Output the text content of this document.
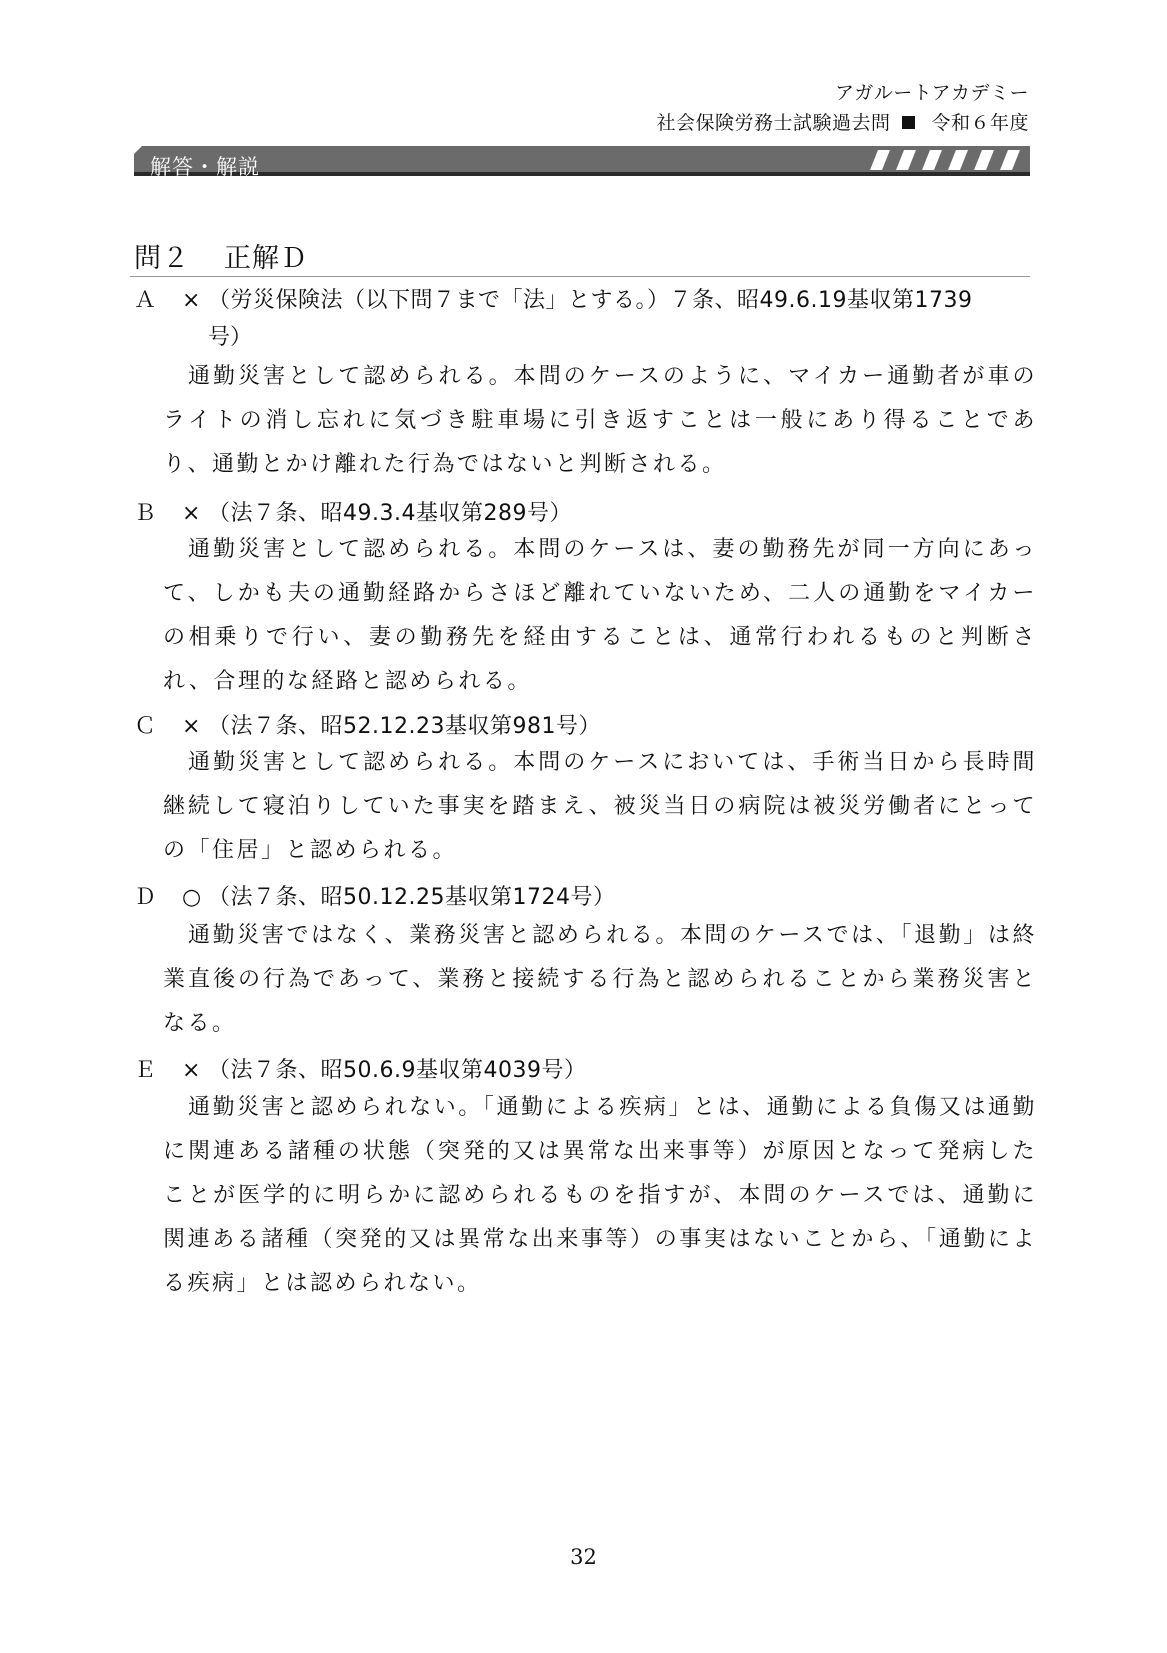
アガルートアカデミー
社会保険労務士試験過去問 令和６年度
解答・解説
問２ 正解Ｄ
Ａ × （労災保険法（以下問７まで「法」とする。）７条、昭49.6.19基収第1739
号）

通勤災害として認められる。本問のケースのように、マイカー通勤者が車のライトの消し忘れに気づき駐車場に引き返すことは一般にあり得ることであり、通勤とかけ離れた行為ではないと判断される。

Ｂ × （法７条、昭49.3.4基収第289号）

通勤災害として認められる。本問のケースは、妻の勤務先が同一方向にあって、しかも夫の通勤経路からさほど離れていないため、二人の通勤をマイカーの相乗りで行い、妻の勤務先を経由することは、通常行われるものと判断され、合理的な経路と認められる。

Ｃ × （法７条、昭52.12.23基収第981号）

通勤災害として認められる。本問のケースにおいては、手術当日から長時間継続して寝泊りしていた事実を踏まえ、被災当日の病院は被災労働者にとっての「住居」と認められる。

Ｄ ○ （法７条、昭50.12.25基収第1724号）

通勤災害ではなく、業務災害と認められる。本問のケースでは、「退勤」は終業直後の行為であって、業務と接続する行為と認められることから業務災害となる。

Ｅ × （法７条、昭50.6.9基収第4039号）

通勤災害と認められない。「通勤による疾病」とは、通勤による負傷又は通勤に関連ある諸種の状態（突発的又は異常な出来事等）が原因となって発病したことが医学的に明らかに認められるものを指すが、本問のケースでは、通勤に関連ある諸種（突発的又は異常な出来事等）の事実はないことから、「通勤による疾病」とは認められない。

32
